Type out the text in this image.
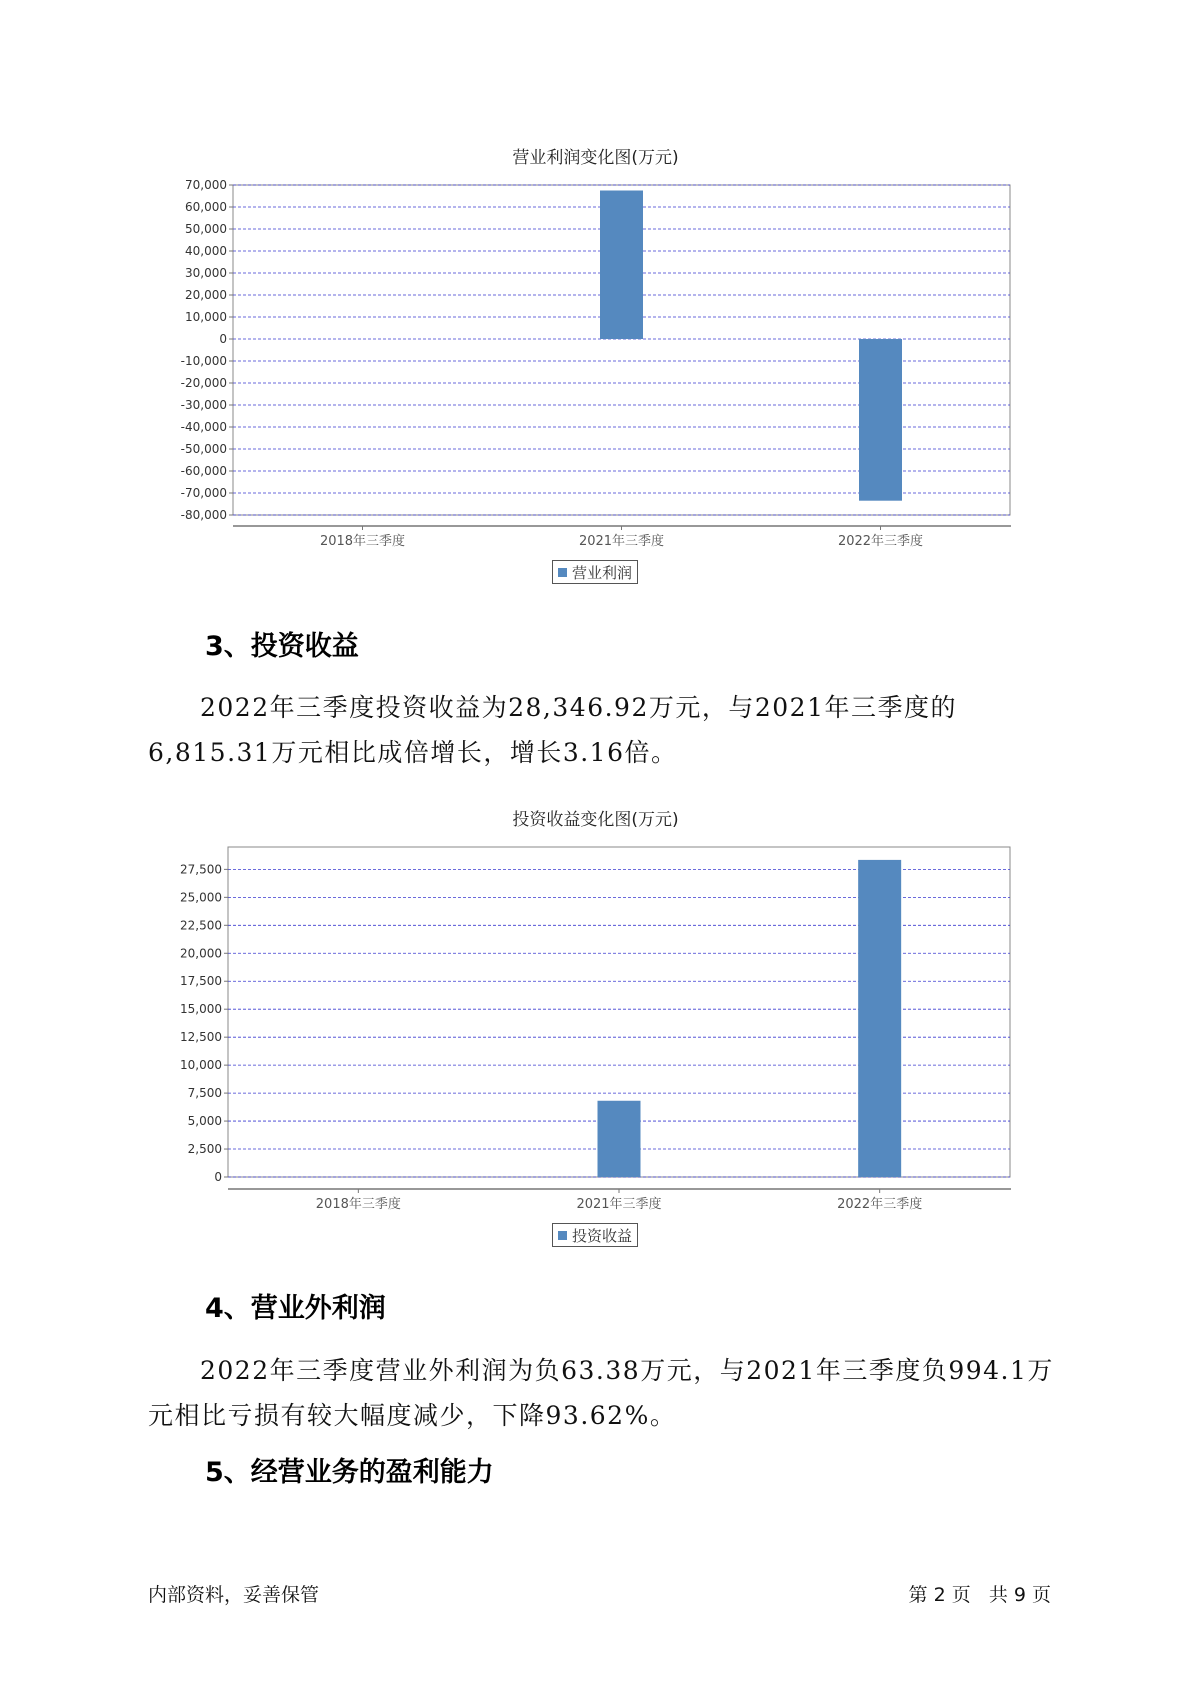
营业利润变化图(万元)
70,000
60,000
50,000
40,000
30,000
20,000
10,000
0
-10,000
-20,000
-30,000
-40,000
-50,000
-60,000
-70,000
-80,000
2018年三季度	2021年三季度	2022年三季度
营业利润
3、投资收益

2022年三季度投资收益为28,346.92万元，与2021年三季度的6,815.31万元相比成倍增长，增长3.16倍。

投资收益变化图(万元)
27,500
25,000
22,500
20,000
17,500
15,000
12,500
10,000
7,500
5,000
2,500
0
2018年三季度	2021年三季度	2022年三季度
投资收益
4、营业外利润

2022年三季度营业外利润为负63.38万元，与2021年三季度负994.1万元相比亏损有较大幅度减少，下降93.62%。

5、经营业务的盈利能力
内部资料，妥善保管	第 2 页   共 9 页
